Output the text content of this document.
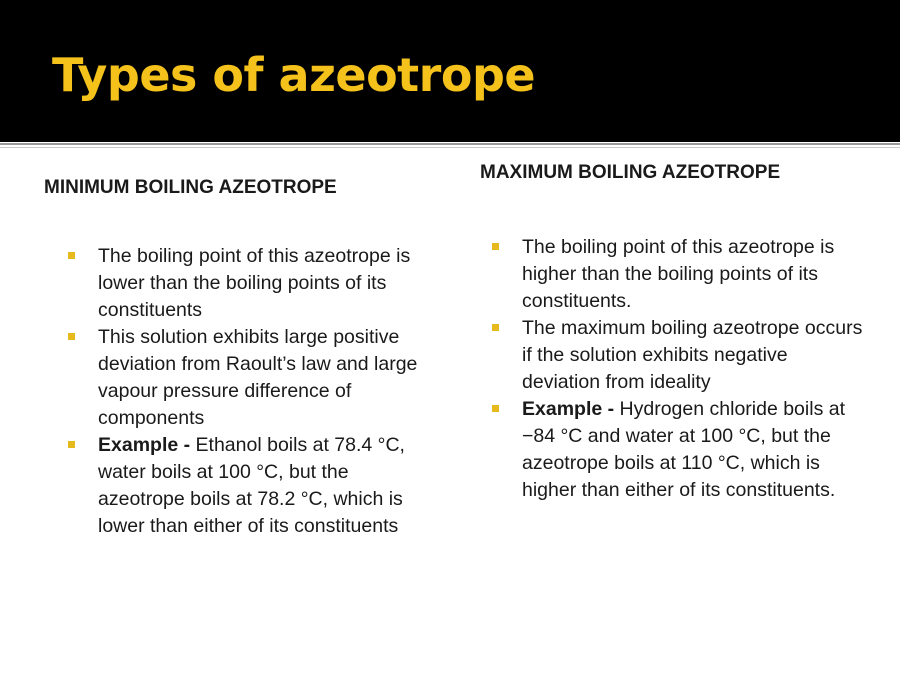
Types of azeotrope
MINIMUM BOILING AZEOTROPE
MAXIMUM BOILING AZEOTROPE
The boiling point of this azeotrope is lower than the boiling points of its constituents
This solution exhibits large positive deviation from Raoult’s law and large vapour pressure difference of components
Example - Ethanol boils at 78.4 °C, water boils at 100 °C, but the azeotrope boils at 78.2 °C, which is lower than either of its constituents
The boiling point of this azeotrope is higher than the boiling points of its constituents.
The maximum boiling azeotrope occurs if the solution exhibits negative deviation from ideality
Example - Hydrogen chloride boils at −84 °C and water at 100 °C, but the azeotrope boils at 110 °C, which is higher than either of its constituents.
